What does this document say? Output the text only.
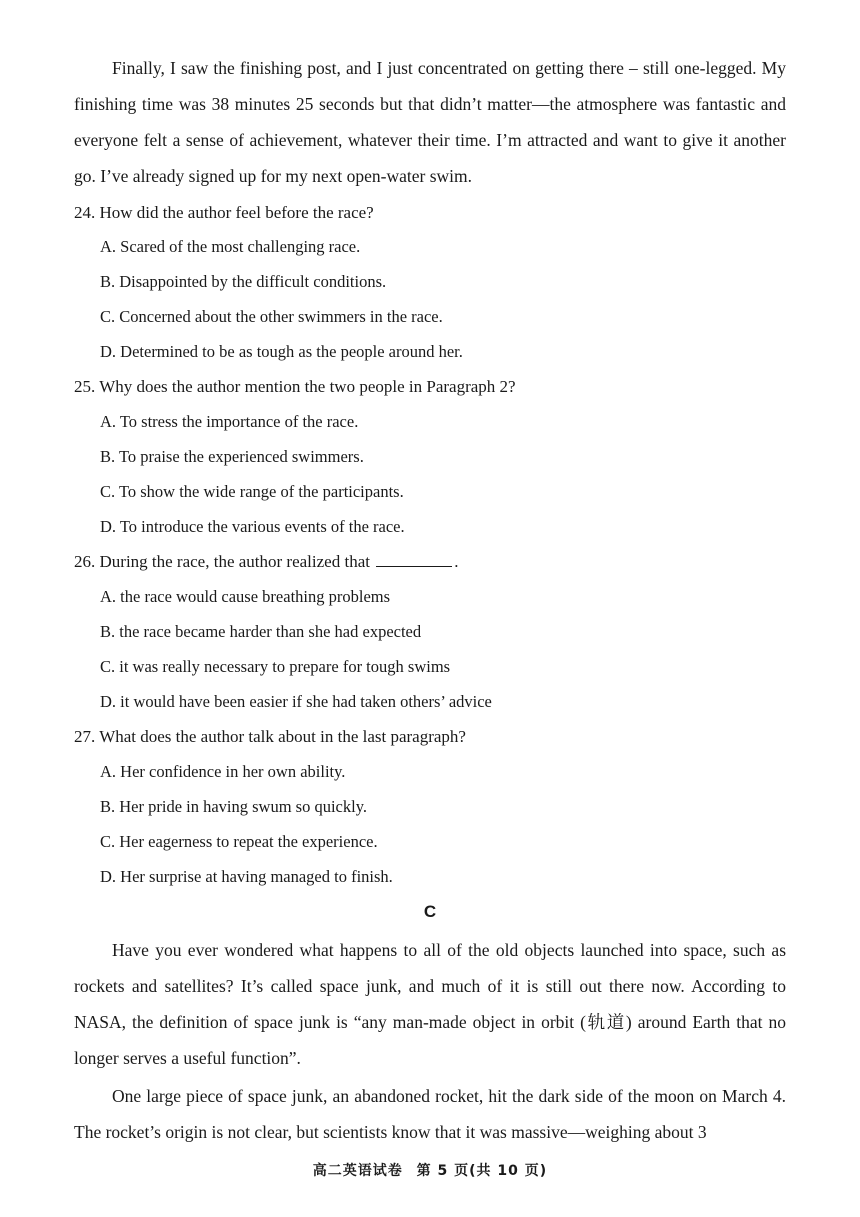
Finally, I saw the finishing post, and I just concentrated on getting there – still one-legged. My finishing time was 38 minutes 25 seconds but that didn’t matter—the atmosphere was fantastic and everyone felt a sense of achievement, whatever their time. I’m attracted and want to give it another go. I’ve already signed up for my next open-water swim.

24. How did the author feel before the race?

A. Scared of the most challenging race.

B. Disappointed by the difficult conditions.

C. Concerned about the other swimmers in the race.

D. Determined to be as tough as the people around her.

25. Why does the author mention the two people in Paragraph 2?

A. To stress the importance of the race.

B. To praise the experienced swimmers.

C. To show the wide range of the participants.

D. To introduce the various events of the race.

26. During the race, the author realized that	.

A. the race would cause breathing problems

B. the race became harder than she had expected

C. it was really necessary to prepare for tough swims

D. it would have been easier if she had taken others’ advice

27. What does the author talk about in the last paragraph?

A. Her confidence in her own ability.

B. Her pride in having swum so quickly.

C. Her eagerness to repeat the experience.

D. Her surprise at having managed to finish.

C

Have you ever wondered what happens to all of the old objects launched into space, such as rockets and satellites? It’s called space junk, and much of it is still out there now. According to NASA, the definition of space junk is “any man-made object in orbit (轨道) around Earth that no longer serves a useful function”.

One large piece of space junk, an abandoned rocket, hit the dark side of the moon on March 4. The rocket’s origin is not clear, but scientists know that it was massive—weighing about 3

高二英语试卷 第 5 页(共 10 页)
